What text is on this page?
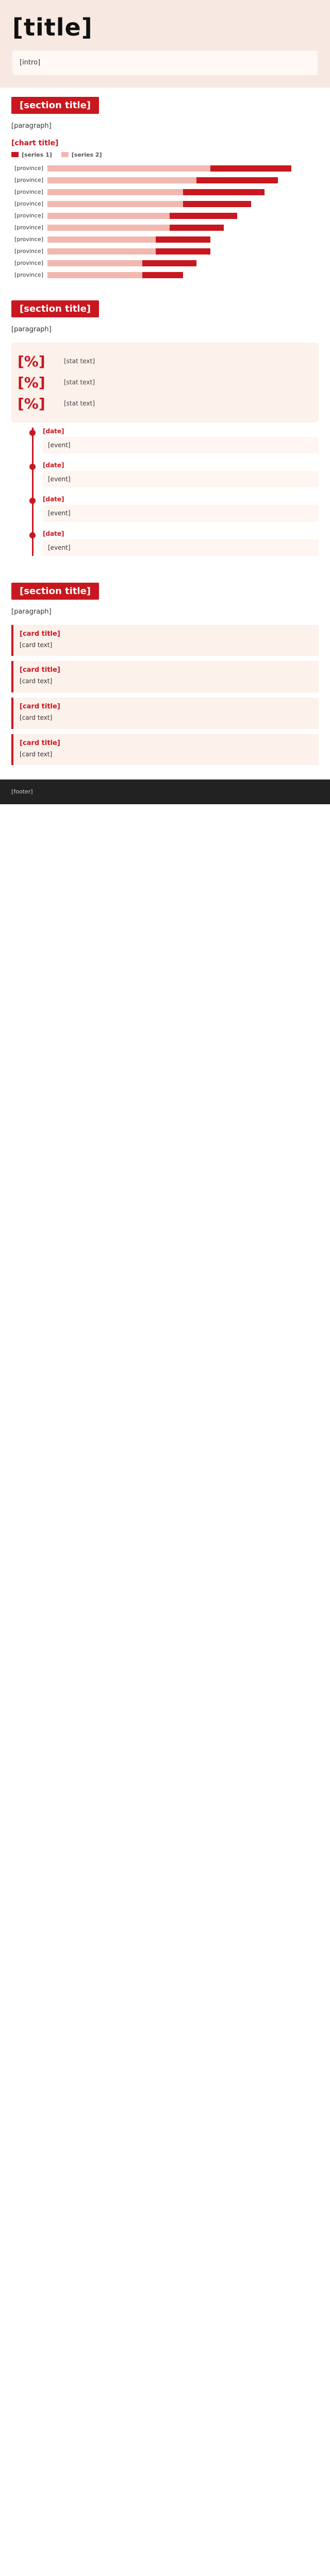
[title]

[intro]

[section title]

[paragraph]

[chart title]
[series 1]	[series 2]
[province]
[province]
[province]
[province]
[province]
[province]
[province]
[province]
[province]
[province]
[section title]

[paragraph]

[%]	[stat text]
[%]	[stat text]
[%]	[stat text]
[date]
[event]
[date]
[event]
[date]
[event]
[date]
[event]
[section title]

[paragraph]

[card title]
[card text]
[card title]
[card text]
[card title]
[card text]
[card title]
[card text]
[footer]
